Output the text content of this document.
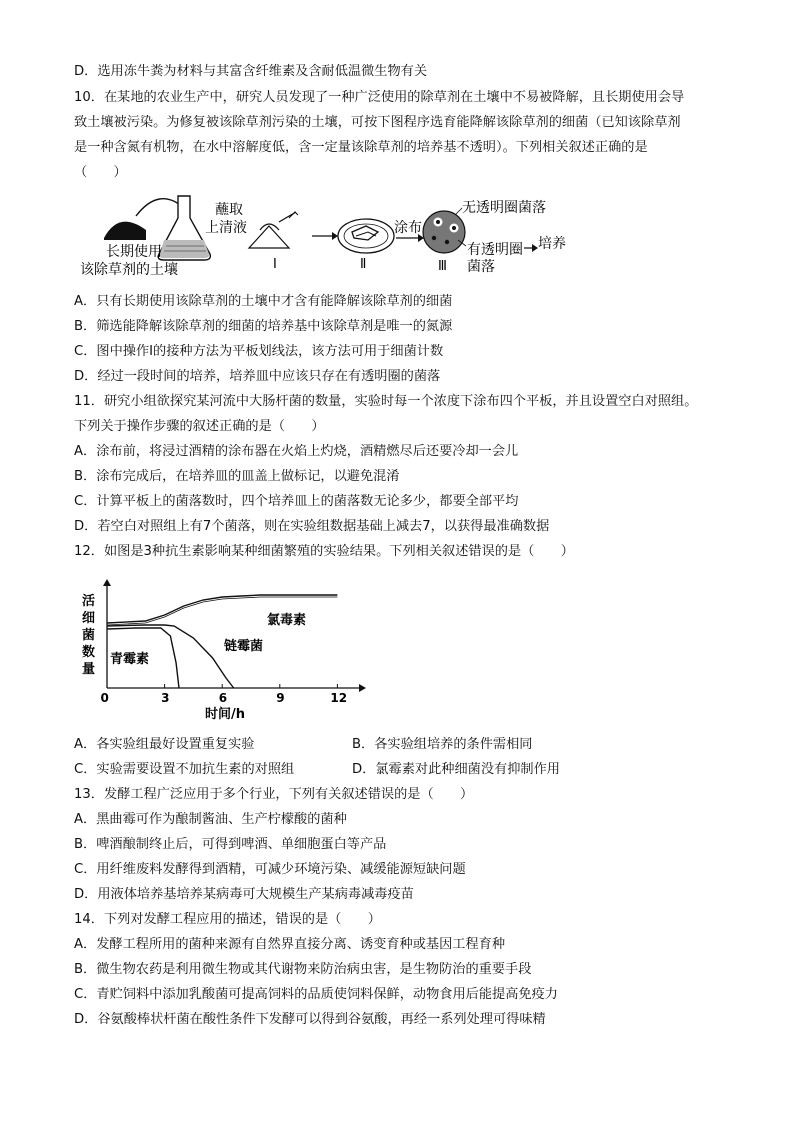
D．选用冻牛粪为材料与其富含纤维素及含耐低温微生物有关
10．在某地的农业生产中，研究人员发现了一种广泛使用的除草剂在土壤中不易被降解，且长期使用会导
致土壤被污染。为修复被该除草剂污染的土壤，可按下图程序选育能降解该除草剂的细菌（已知该除草剂
是一种含氮有机物，在水中溶解度低，含一定量该除草剂的培养基不透明）。下列相关叙述正确的是
（　　）
长期使用
该除草剂的土壤
蘸取
上清液
Ⅰ	Ⅱ
涂布
Ⅲ
无透明圈菌落
有透明圈
菌落
培养
A．只有长期使用该除草剂的土壤中才含有能降解该除草剂的细菌
B．筛选能降解该除草剂的细菌的培养基中该除草剂是唯一的氮源
C．图中操作Ⅰ的接种方法为平板划线法，该方法可用于细菌计数
D．经过一段时间的培养，培养皿中应该只存在有透明圈的菌落
11．研究小组欲探究某河流中大肠杆菌的数量，实验时每一个浓度下涂布四个平板，并且设置空白对照组。
下列关于操作步骤的叙述正确的是（　　）
A．涂布前，将浸过酒精的涂布器在火焰上灼烧，酒精燃尽后还要冷却一会儿
B．涂布完成后，在培养皿的皿盖上做标记，以避免混淆
C．计算平板上的菌落数时，四个培养皿上的菌落数无论多少，都要全部平均
D．若空白对照组上有7个菌落，则在实验组数据基础上减去7，以获得最准确数据
12．如图是3种抗生素影响某种细菌繁殖的实验结果。下列相关叙述错误的是（　　）
活
细
菌
数
量
0	3	6	9	12
时间/h
氯毒素
链霉菌
青霉素
A．各实验组最好设置重复实验	B．各实验组培养的条件需相同
C．实验需要设置不加抗生素的对照组	D．氯霉素对此种细菌没有抑制作用
13．发酵工程广泛应用于多个行业，下列有关叙述错误的是（　　）
A．黑曲霉可作为酿制酱油、生产柠檬酸的菌种
B．啤酒酿制终止后，可得到啤酒、单细胞蛋白等产品
C．用纤维废料发酵得到酒精，可减少环境污染、减缓能源短缺问题
D．用液体培养基培养某病毒可大规模生产某病毒减毒疫苗
14．下列对发酵工程应用的描述，错误的是（　　）
A．发酵工程所用的菌种来源有自然界直接分离、诱变育种或基因工程育种
B．微生物农药是利用微生物或其代谢物来防治病虫害，是生物防治的重要手段
C．青贮饲料中添加乳酸菌可提高饲料的品质使饲料保鲜，动物食用后能提高免疫力
D．谷氨酸棒状杆菌在酸性条件下发酵可以得到谷氨酸，再经一系列处理可得味精
